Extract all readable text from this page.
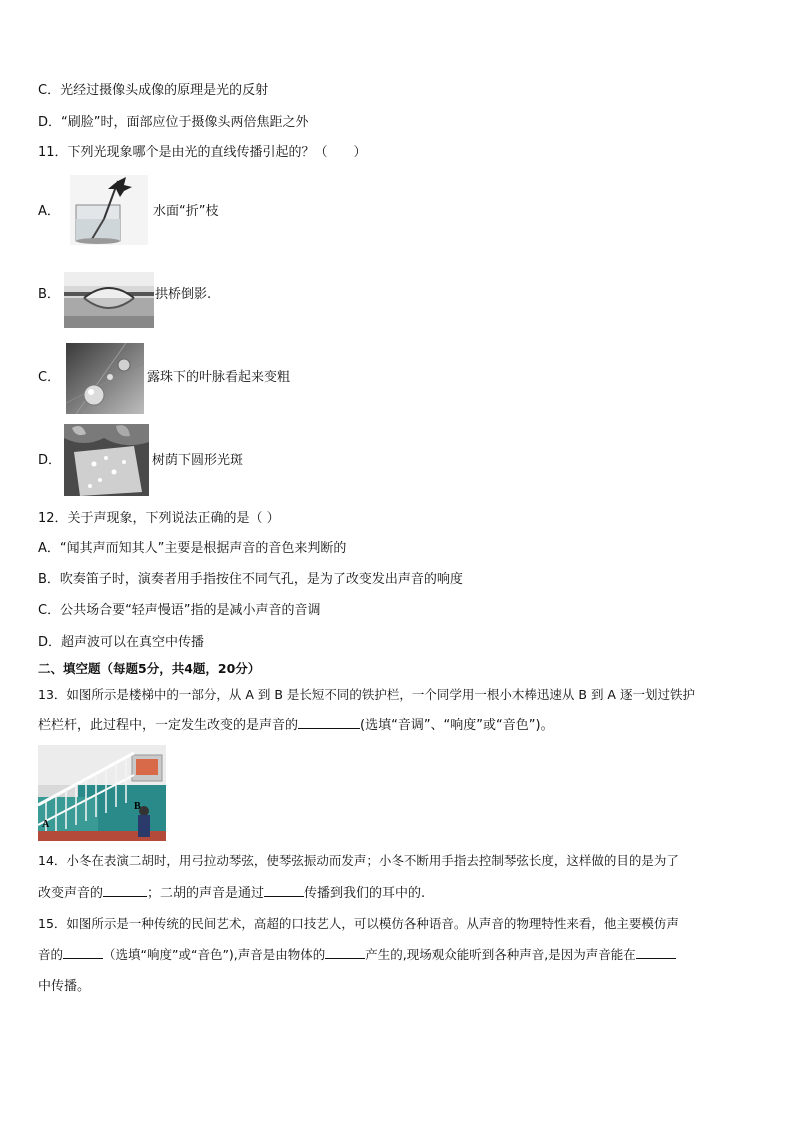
C．光经过摄像头成像的原理是光的反射
D．“刷脸”时，面部应位于摄像头两倍焦距之外
11．下列光现象哪个是由光的直线传播引起的？（　　）
A．	水面“折”枝
B．	拱桥倒影.
C．	露珠下的叶脉看起来变粗
D．	树荫下圆形光斑
12．关于声现象，下列说法正确的是（ ）
A．“闻其声而知其人”主要是根据声音的音色来判断的
B．吹奏笛子时，演奏者用手指按住不同气孔，是为了改变发出声音的响度
C．公共场合要“轻声慢语”指的是减小声音的音调
D．超声波可以在真空中传播
二、填空题（每题5分，共4题，20分）
13．如图所示是楼梯中的一部分，从 A 到 B 是长短不同的铁护栏，一个同学用一根小木棒迅速从 B 到 A 逐一划过铁护
栏栏杆，此过程中，一定发生改变的是声音的	(选填“音调”、“响度”或“音色”)。
A
B
14．小冬在表演二胡时，用弓拉动琴弦，使琴弦振动而发声；小冬不断用手指去控制琴弦长度，这样做的目的是为了
改变声音的	；二胡的声音是通过	传播到我们的耳中的.
15．如图所示是一种传统的民间艺术，高超的口技艺人，可以模仿各种语音。从声音的物理特性来看，他主要模仿声
音的	（选填“响度”或“音色”),声音是由物体的	产生的,现场观众能听到各种声音,是因为声音能在
中传播。
